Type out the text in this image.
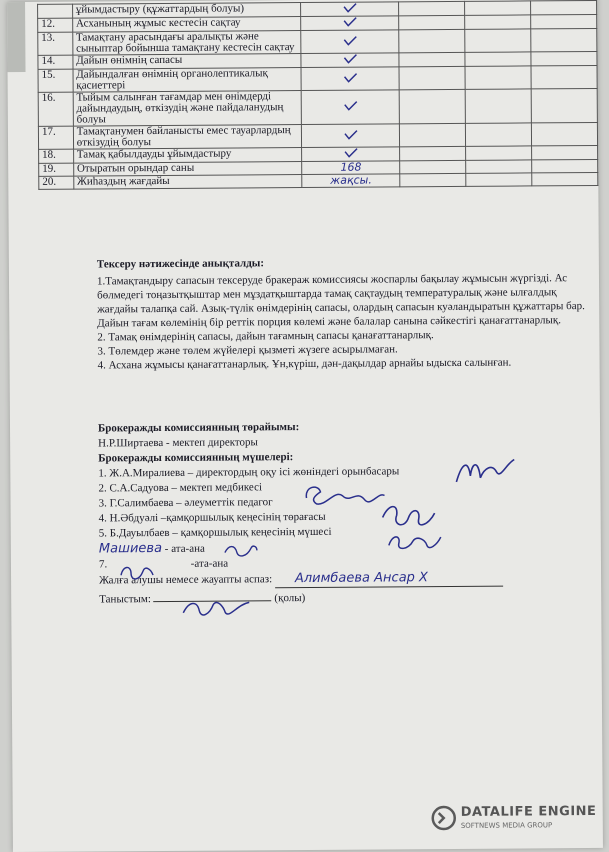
	ұйымдастыру (құжаттардың болуы)				
12.	Асханының жұмыс кестесін сақтау				
13.	Тамақтану арасындағы аралықты және сыныптар бойынша тамақтану кестесін сақтау				
14.	Дайын өнімнің сапасы				
15.	Дайындалған өнімнің органолептикалық қасиеттері				
16.	Тыйым салынған тағамдар мен өнімдерді дайындаудың, өткізудің және пайдаланудың болуы				
17.	Тамақтанумен байланысты емес тауарлардың өткізудің болуы				
18.	Тамақ қабылдауды ұйымдастыру				
19.	Отыратын орындар саны	168			
20.	Жиһаздың жағдайы	жақсы.			
Тексеру нәтижесінде анықталды:
1.Тамақтандыру сапасын тексеруде бракераж комиссиясы жоспарлы бақылау жұмысын жүргізді. Ас бөлмедегі тоңазытқыштар мен мұздатқыштарда тамақ сақтаудың температуралық және ылғалдық жағдайы талапқа сай. Азық-түлік өнімдерінің сапасы, олардың сапасын куәландыратын құжаттары бар. Дайын тағам көлемінің бір реттік порция көлемі және балалар санына сәйкестігі қанағаттанарлық.
2. Тамақ өнімдерінің сапасы, дайын тағамның сапасы қанағаттанарлық.
3. Төлемдер және төлем жүйелері қызметі жүзеге асырылмаған.
4. Асхана жұмысы қанағаттанарлық. Ұн,күріш, дән-дақылдар арнайы ыдыска салынған.
Брокеражды комиссиянның төрайымы:
Н.Р.Ширтаева - мектеп директоры
Брокеражды комиссиянның мүшелері:
1. Ж.А.Миралиева – директордың оқу ісі жөніндегі орынбасары
2. С.А.Садуова – мектеп медбикесі
3. Г.Салимбаева – әлеуметтік педагог
4. Н.Әбдуәлі –қамқоршылық кеңесінің төрағасы
5. Б.Дауылбаев – қамқоршылық кеңесінің мүшесі
Машиева - ата-ана
7.	-ата-ана
Жалға алушы немесе жауапты аспаз: Алимбаева Ансар Х
Таныстым:	(қолы)
DATALIFE ENGINE
SOFTNEWS MEDIA GROUP
